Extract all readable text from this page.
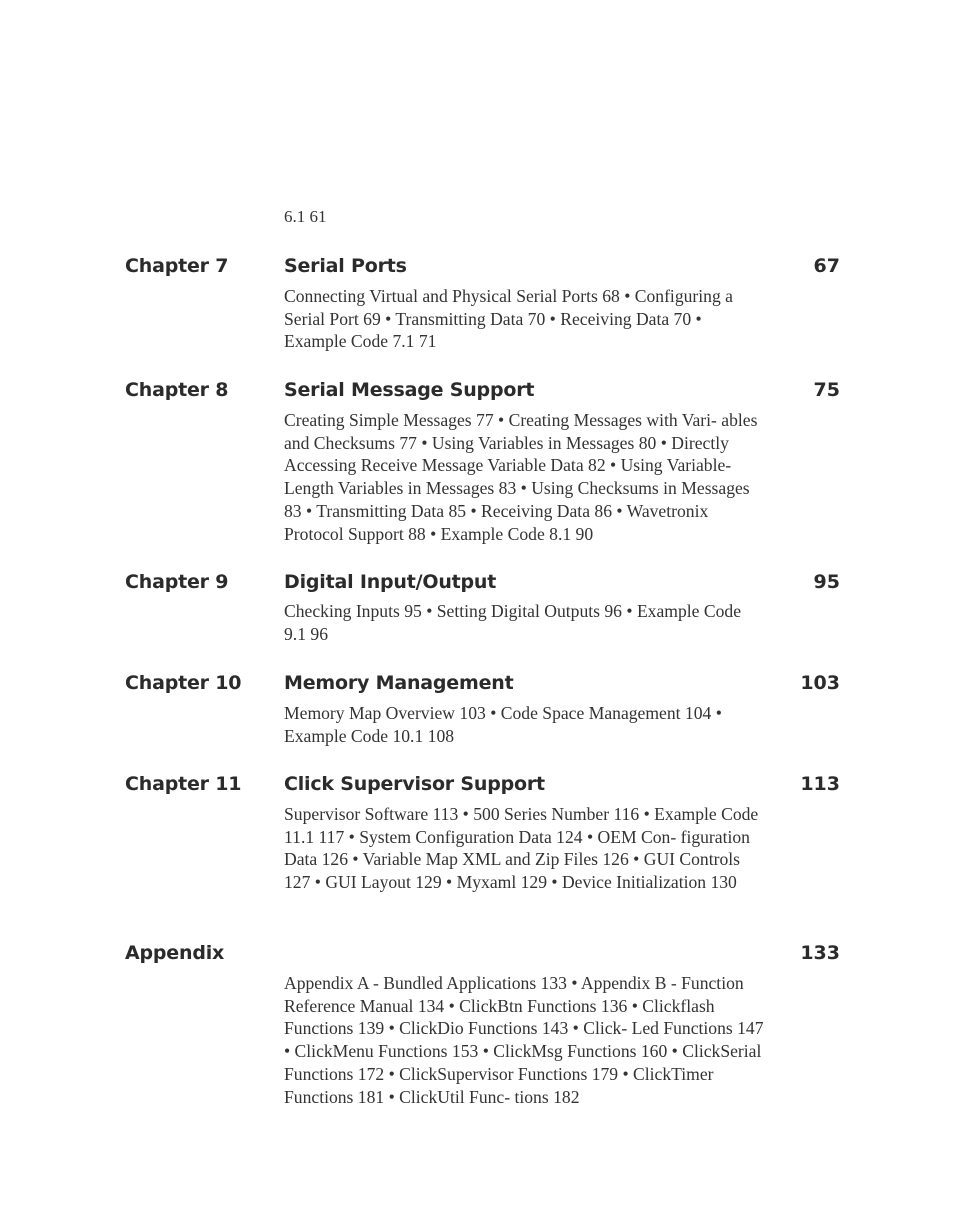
6.1 61
Chapter 7	Serial Ports	67

Connecting Virtual and Physical Serial Ports 68 • Configuring a Serial Port 69 • Transmitting Data 70 • Receiving Data 70 • Example Code 7.1 71

Chapter 8	Serial Message Support	75

Creating Simple Messages 77 • Creating Messages with Vari- ables and Checksums 77 • Using Variables in Messages 80 • Directly Accessing Receive Message Variable Data 82 • Using Variable-Length Variables in Messages 83 • Using Checksums in Messages 83 • Transmitting Data 85 • Receiving Data 86 • Wavetronix Protocol Support 88 • Example Code 8.1 90

Chapter 9	Digital Input/Output	95

Checking Inputs 95 • Setting Digital Outputs 96 • Example Code 9.1 96

Chapter 10 Memory Management	103

Memory Map Overview 103 • Code Space Management 104 • Example Code 10.1 108

Chapter 11 Click Supervisor Support	113

Supervisor Software 113 • 500 Series Number 116 • Example Code 11.1 117 • System Configuration Data 124 • OEM Con- figuration Data 126 • Variable Map XML and Zip Files 126 • GUI Controls 127 • GUI Layout 129 • Myxaml 129 • Device Initialization 130

Appendix	133

Appendix A - Bundled Applications 133 • Appendix B - Function Reference Manual 134 • ClickBtn Functions 136 • Clickflash Functions 139 • ClickDio Functions 143 • Click- Led Functions 147 • ClickMenu Functions 153 • ClickMsg Functions 160 • ClickSerial Functions 172 • ClickSupervisor Functions 179 • ClickTimer Functions 181 • ClickUtil Func- tions 182
